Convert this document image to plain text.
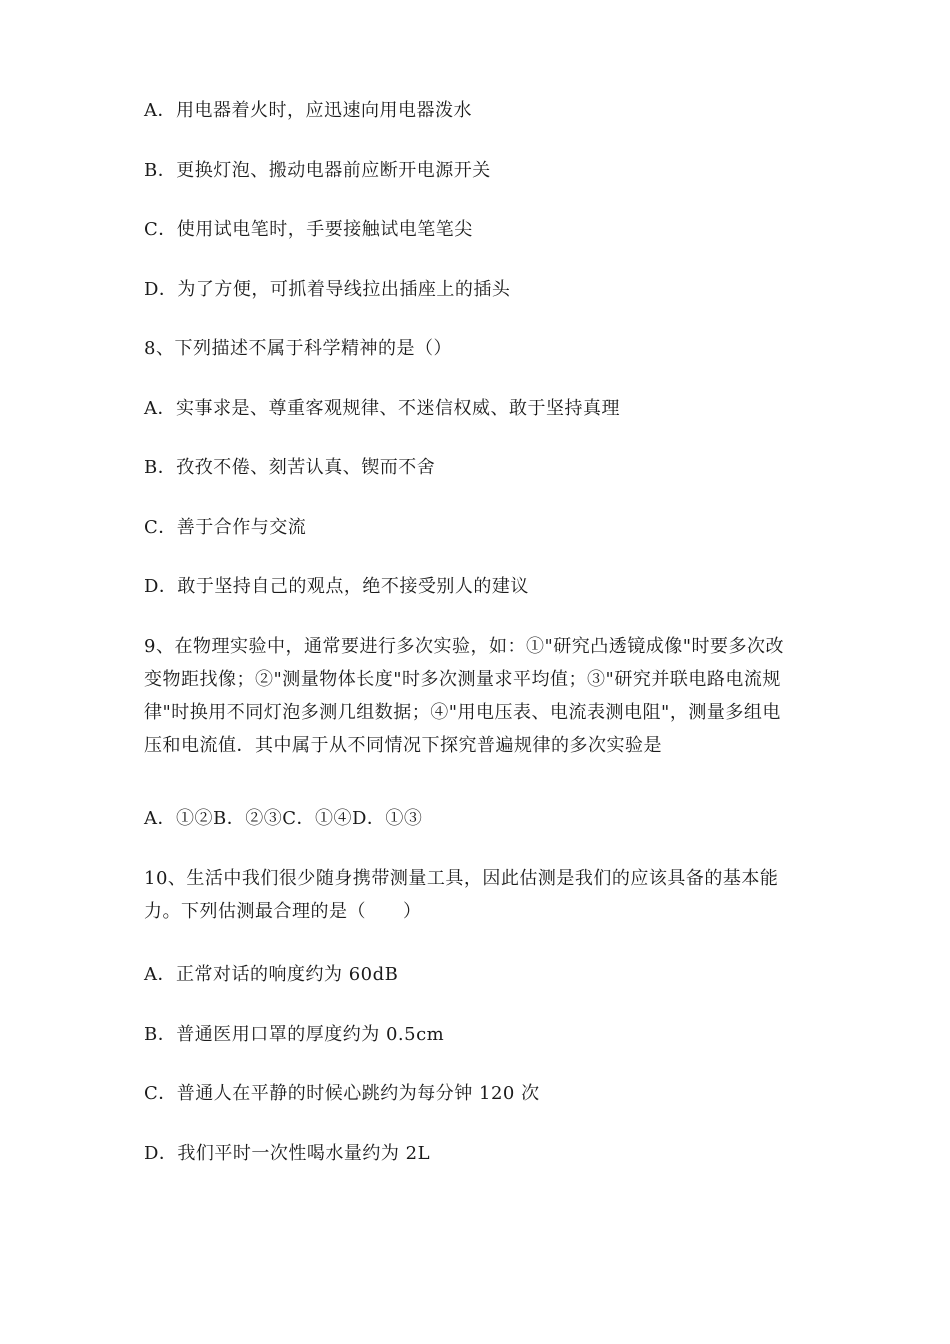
A．用电器着火时，应迅速向用电器泼水
B．更换灯泡、搬动电器前应断开电源开关
C．使用试电笔时，手要接触试电笔笔尖
D．为了方便，可抓着导线拉出插座上的插头
8、下列描述不属于科学精神的是（）
A．实事求是、尊重客观规律、不迷信权威、敢于坚持真理
B．孜孜不倦、刻苦认真、锲而不舍
C．善于合作与交流
D．敢于坚持自己的观点，绝不接受别人的建议
9、在物理实验中，通常要进行多次实验，如：①"研究凸透镜成像"时要多次改
变物距找像；②"测量物体长度"时多次测量求平均值；③"研究并联电路电流规
律"时换用不同灯泡多测几组数据；④"用电压表、电流表测电阻"，测量多组电
压和电流值．其中属于从不同情况下探究普遍规律的多次实验是
A．①②B．②③C．①④D．①③
10、生活中我们很少随身携带测量工具，因此估测是我们的应该具备的基本能
力。下列估测最合理的是（　　）
A．正常对话的响度约为 60dB
B．普通医用口罩的厚度约为 0.5cm
C．普通人在平静的时候心跳约为每分钟 120 次
D．我们平时一次性喝水量约为 2L
